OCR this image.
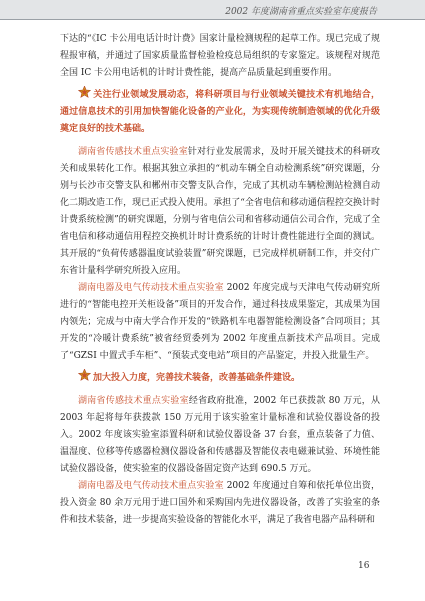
2002 年度湖南省重点实验室年度报告

下达的“《IC 卡公用电话计时计费》国家计量检测规程的起草工作。现已完成了规程报审稿，并通过了国家质量监督检验检疫总局组织的专家鉴定。该规程对规范全国 IC 卡公用电话机的计时计费性能，提高产品质量起到重要作用。

关注行业领域发展动态，将科研项目与行业领域关键技术有机地结合，通过信息技术的引用加快智能化设备的产业化，为实现传统制造领域的优化升级奠定良好的技术基础。

湖南省传感技术重点实验室针对行业发展需求，及时开展关键技术的科研攻关和成果转化工作。根据其独立承担的“机动车辆全自动检测系统”研究课题，分别与长沙市交警支队和郴州市交警支队合作，完成了其机动车辆检测站检测自动化二期改造工作，现已正式投入使用。承担了“全省电信和移动通信程控交换计时计费系统检测”的研究课题，分别与省电信公司和省移动通信公司合作，完成了全省电信和移动通信用程控交换机计时计费系统的计时计费性能进行全面的测试。其开展的“负荷传感器温度试验装置”研究课题，已完成样机研制工作，并交付广东省计量科学研究所投入应用。

湖南电器及电气传动技术重点实验室 2002 年度完成与天津电气传动研究所进行的“智能电控开关柜设备”项目的开发合作，通过科技成果鉴定，其成果为国内领先；完成与中南大学合作开发的“铁路机车电器智能检测设备”合同项目；其开发的“冷暖计费系统”被省经贸委列为 2002 年度重点新技术产品项目。完成了“GZSI 中置式手车柜”、“预装式变电站”项目的产品鉴定，并投入批量生产。

加大投入力度，完善技术装备，改善基础条件建设。

湖南省传感技术重点实验室经省政府批准，2002 年已获拨款 80 万元，从 2003 年起将每年获拨款 150 万元用于该实验室计量标准和试验仪器设备的投入。2002 年度该实验室添置科研和试验仪器设备 37 台套，重点装备了力值、温湿度、位移等传感器检测仪器设备和传感器及智能仪表电磁兼试验、环境性能试验仪器设备，使实验室的仪器设备固定资产达到 690.5 万元。

湖南电器及电气传动技术重点实验室 2002 年度通过自筹和依托单位出资，投入资金 80 余万元用于进口国外和采购国内先进仪器设备，改善了实验室的条件和技术装备，进一步提高实验设备的智能化水平，满足了我省电器产品科研和

16
